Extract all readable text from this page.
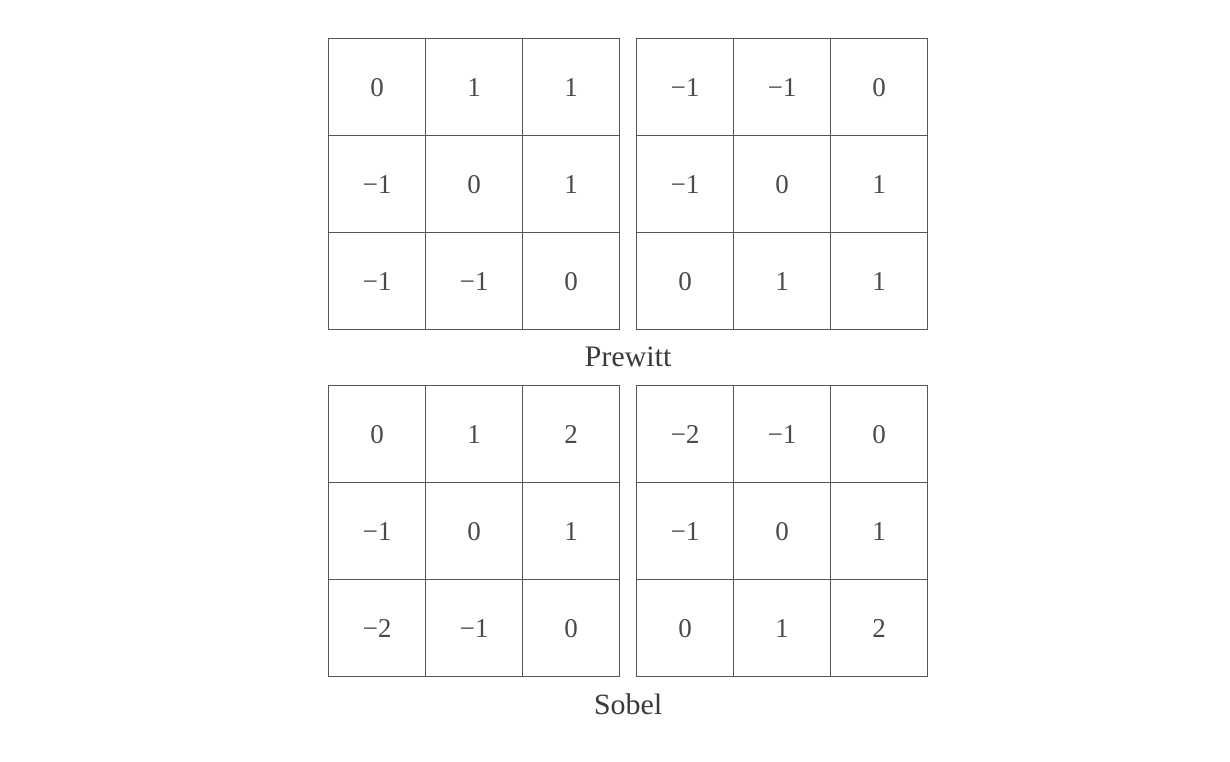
0	1	1
−1	0	1
−1	−1	0
−1	−1	0
−1	0	1
0	1	1
Prewitt
0	1	2
−1	0	1
−2	−1	0
−2	−1	0
−1	0	1
0	1	2
Sobel
